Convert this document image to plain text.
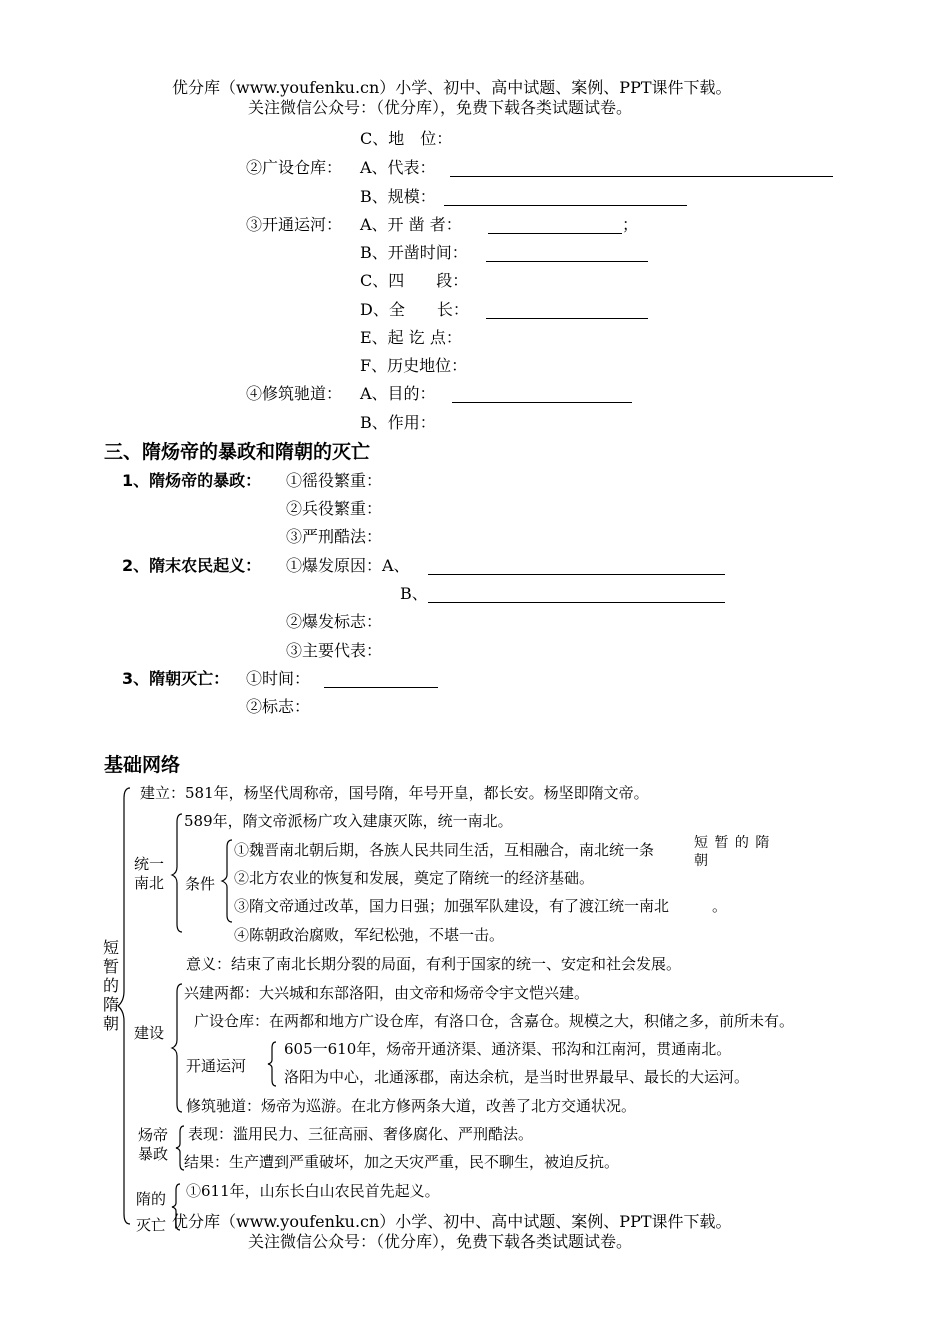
优分库（www.youfenku.cn）小学、初中、高中试题、案例、PPT课件下载。
关注微信公众号：（优分库），免费下载各类试题试卷。
C、地　位：
②广设仓库： A、代表：
B、规模：
③开通运河： A、开 凿 者：	；
B、开凿时间：
C、四　　段：
D、全　　长：
E、起 讫 点：
F、历史地位：
④修筑驰道： A、目的：
B、作用：
三、隋炀帝的暴政和隋朝的灭亡
1、隋炀帝的暴政： ①徭役繁重：
②兵役繁重：
③严刑酷法：
2、隋末农民起义： ①爆发原因：A、
B、
②爆发标志：
③主要代表：
3、隋朝灭亡： ①时间：
②标志：
基础网络
短暂的隋朝
建立：581年，杨坚代周称帝，国号隋，年号开皇，都长安。杨坚即隋文帝。
统一南北
589年，隋文帝派杨广攻入建康灭陈，统一南北。
条件
①魏晋南北朝后期，各族人民共同生活，互相融合，南北统一条	短 暂 的 隋 朝
②北方农业的恢复和发展，奠定了隋统一的经济基础。
③隋文帝通过改革，国力日强；加强军队建设，有了渡江统一南北	。
④陈朝政治腐败，军纪松弛，不堪一击。
意义：结束了南北长期分裂的局面，有利于国家的统一、安定和社会发展。
建设
兴建两都：大兴城和东部洛阳，由文帝和炀帝令宇文恺兴建。
广设仓库：在两都和地方广设仓库，有洛口仓，含嘉仓。规模之大，积储之多，前所未有。
开通运河
605一610年，炀帝开通济渠、通济渠、邗沟和江南河，贯通南北。
洛阳为中心，北通涿郡，南达余杭，是当时世界最早、最长的大运河。
修筑驰道：炀帝为巡游。在北方修两条大道，改善了北方交通状况。
炀帝暴政
表现：滥用民力、三征高丽、奢侈腐化、严刑酷法。
结果：生产遭到严重破坏，加之天灾严重，民不聊生，被迫反抗。
隋的灭亡
①611年，山东长白山农民首先起义。
优分库（www.youfenku.cn）小学、初中、高中试题、案例、PPT课件下载。
关注微信公众号：（优分库），免费下载各类试题试卷。
